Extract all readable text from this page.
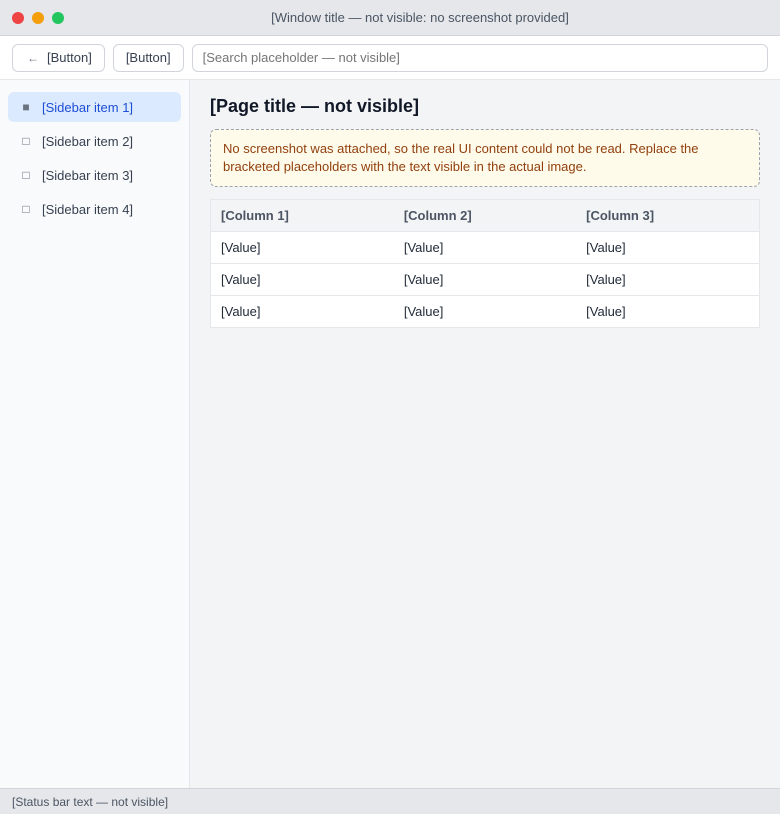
[Window title — not visible: no screenshot provided]
← [Button]	[Button]
[Search placeholder — not visible]
■ [Sidebar item 1]
□ [Sidebar item 2]
□ [Sidebar item 3]
□ [Sidebar item 4]
[Page title — not visible]
No screenshot was attached, so the real UI content could not be read. Replace the bracketed placeholders with the text visible in the actual image.
[Column 1]	[Column 2]	[Column 3]
[Value]	[Value]	[Value]
[Value]	[Value]	[Value]
[Value]	[Value]	[Value]
[Status bar text — not visible]
